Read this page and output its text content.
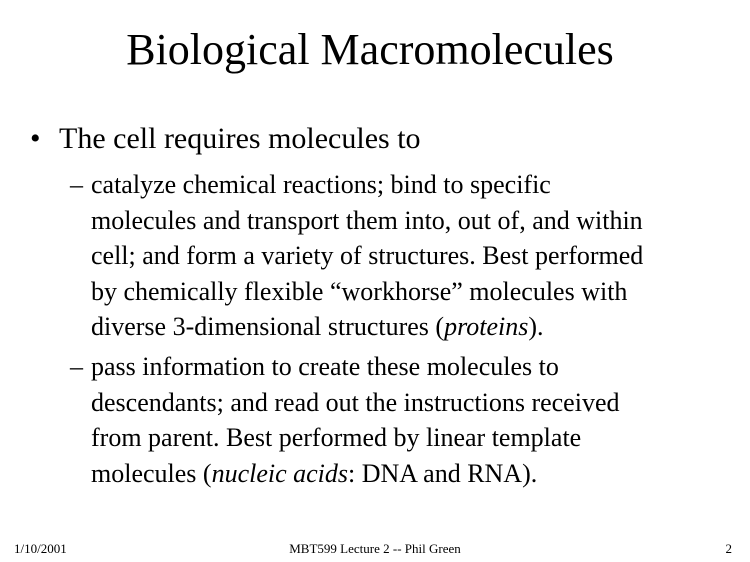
Biological Macromolecules
• The cell requires molecules to
– catalyze chemical reactions; bind to specific
molecules and transport them into, out of, and within
cell; and form a variety of structures. Best performed
by chemically flexible “workhorse” molecules with
diverse 3-dimensional structures (proteins).
– pass information to create these molecules to
descendants; and read out the instructions received
from parent. Best performed by linear template
molecules (nucleic acids: DNA and RNA).
1/10/2001	MBT599 Lecture 2 -- Phil Green	2
